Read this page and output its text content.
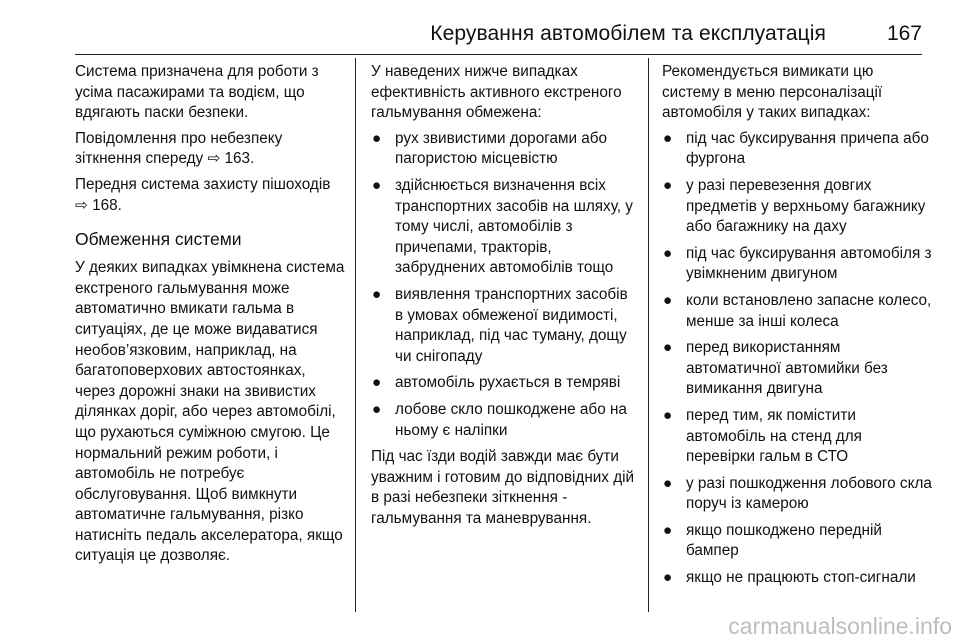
Керування автомобілем та експлуатація	167

Система призначена для роботи з усіма пасажирами та водієм, що вдягають паски безпеки.

Повідомлення про небезпеку зіткнення спереду ⇨ 163.

Передня система захисту пішоходів ⇨ 168.

Обмеження системи

У деяких випадках увімкнена система екстреного гальмування може автоматично вмикати гальма в ситуаціях, де це може видаватися необов’язковим, наприклад, на багатоповерхових автостоянках, через дорожні знаки на звивистих ділянках доріг, або через автомобілі, що рухаються суміжною смугою. Це нормальний режим роботи, і автомобіль не потребує обслуговування. Щоб вимкнути автоматичне гальмування, різко натисніть педаль акселератора, якщо ситуація це дозволяє.

У наведених нижче випадках ефективність активного екстреного гальмування обмежена:

● рух звивистими дорогами або пагористою місцевістю
● здійснюється визначення всіх транспортних засобів на шляху, у тому числі, автомобілів з причепами, тракторів, забруднених автомобілів тощо
● виявлення транспортних засобів в умовах обмеженої видимості, наприклад, під час туману, дощу чи снігопаду
● автомобіль рухається в темряві
● лобове скло пошкоджене або на ньому є наліпки

Під час їзди водій завжди має бути уважним і готовим до відповідних дій в разі небезпеки зіткнення - гальмування та маневрування.

Рекомендується вимикати цю систему в меню персоналізації автомобіля у таких випадках:

● під час буксирування причепа або фургона
● у разі перевезення довгих предметів у верхньому багажнику або багажнику на даху
● під час буксирування автомобіля з увімкненим двигуном
● коли встановлено запасне колесо, менше за інші колеса
● перед використанням автоматичної автомийки без вимикання двигуна
● перед тим, як помістити автомобіль на стенд для перевірки гальм в СТО
● у разі пошкодження лобового скла поруч із камерою
● якщо пошкоджено передній бампер
● якщо не працюють стоп-сигнали
carmanualsonline.info
